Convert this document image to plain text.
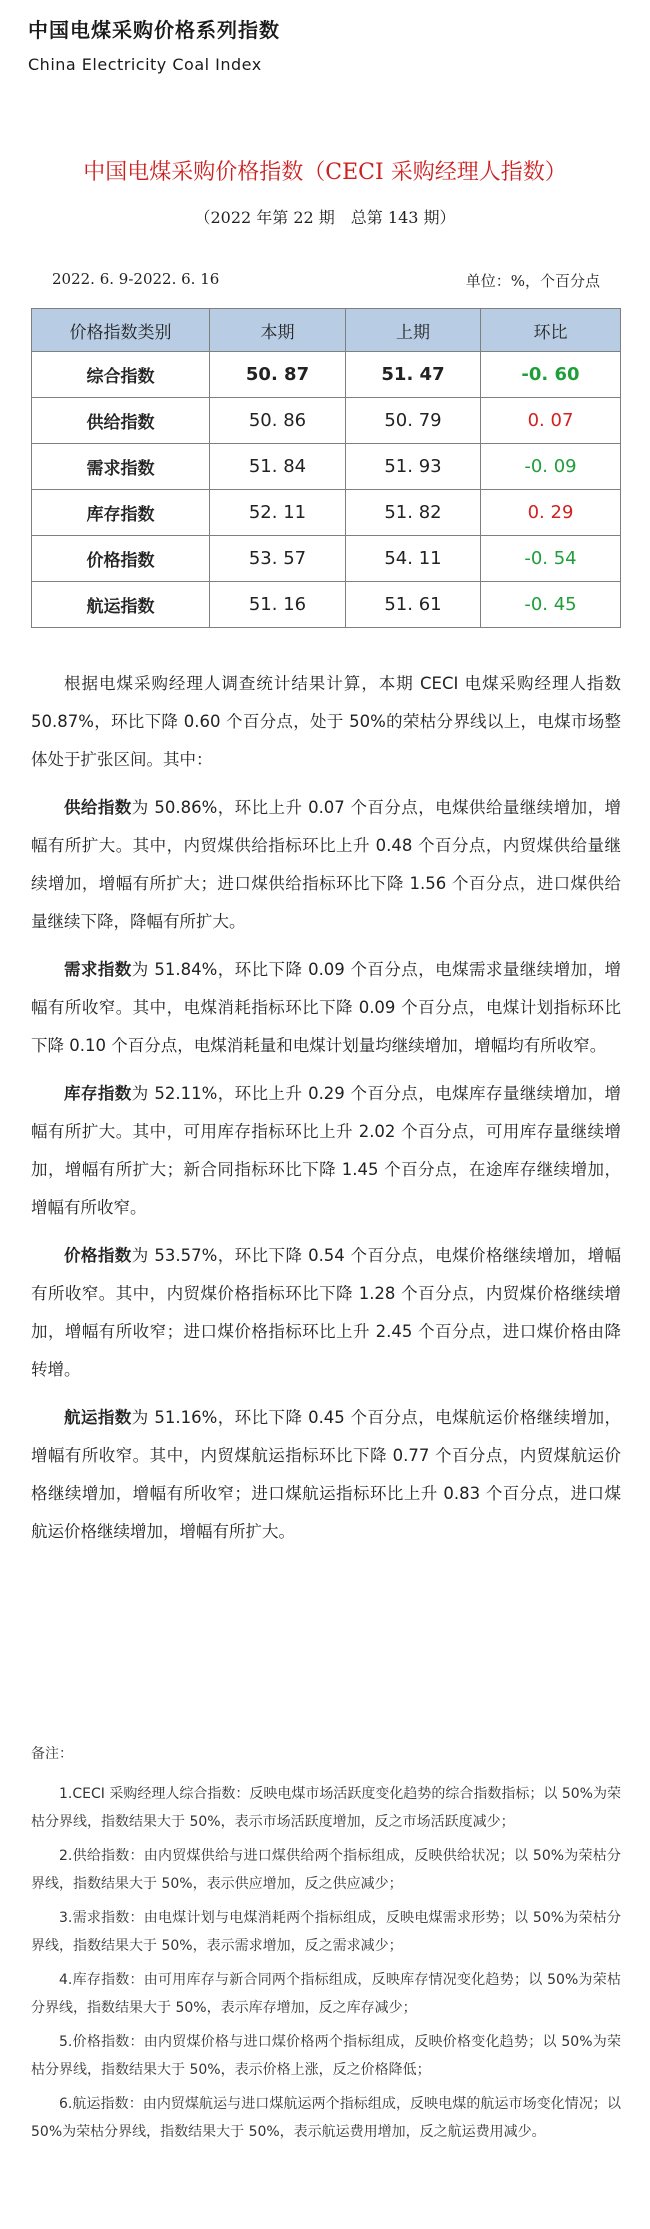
中国电煤采购价格系列指数
China Electricity Coal Index
中国电煤采购价格指数（CECI 采购经理人指数）
（2022 年第 22 期　总第 143 期）
2022. 6. 9-2022. 6. 16	单位：%，个百分点
价格指数类别	本期	上期	环比
综合指数	50. 87	51. 47	-0. 60
供给指数	50. 86	50. 79	0. 07
需求指数	51. 84	51. 93	-0. 09
库存指数	52. 11	51. 82	0. 29
价格指数	53. 57	54. 11	-0. 54
航运指数	51. 16	51. 61	-0. 45

根据电煤采购经理人调查统计结果计算，本期 CECI 电煤采购经理人指数 50.87%，环比下降 0.60 个百分点，处于 50%的荣枯分界线以上，电煤市场整体处于扩张区间。其中：

供给指数为 50.86%，环比上升 0.07 个百分点，电煤供给量继续增加，增幅有所扩大。其中，内贸煤供给指标环比上升 0.48 个百分点，内贸煤供给量继续增加，增幅有所扩大；进口煤供给指标环比下降 1.56 个百分点，进口煤供给量继续下降，降幅有所扩大。

需求指数为 51.84%，环比下降 0.09 个百分点，电煤需求量继续增加，增幅有所收窄。其中，电煤消耗指标环比下降 0.09 个百分点，电煤计划指标环比下降 0.10 个百分点，电煤消耗量和电煤计划量均继续增加，增幅均有所收窄。

库存指数为 52.11%，环比上升 0.29 个百分点，电煤库存量继续增加，增幅有所扩大。其中，可用库存指标环比上升 2.02 个百分点，可用库存量继续增加，增幅有所扩大；新合同指标环比下降 1.45 个百分点，在途库存继续增加，增幅有所收窄。

价格指数为 53.57%，环比下降 0.54 个百分点，电煤价格继续增加，增幅有所收窄。其中，内贸煤价格指标环比下降 1.28 个百分点，内贸煤价格继续增加，增幅有所收窄；进口煤价格指标环比上升 2.45 个百分点，进口煤价格由降转增。

航运指数为 51.16%，环比下降 0.45 个百分点，电煤航运价格继续增加，增幅有所收窄。其中，内贸煤航运指标环比下降 0.77 个百分点，内贸煤航运价格继续增加，增幅有所收窄；进口煤航运指标环比上升 0.83 个百分点，进口煤航运价格继续增加，增幅有所扩大。

备注：

1.CECI 采购经理人综合指数：反映电煤市场活跃度变化趋势的综合指数指标；以 50%为荣枯分界线，指数结果大于 50%，表示市场活跃度增加，反之市场活跃度减少；

2.供给指数：由内贸煤供给与进口煤供给两个指标组成，反映供给状况；以 50%为荣枯分界线，指数结果大于 50%，表示供应增加，反之供应减少；

3.需求指数：由电煤计划与电煤消耗两个指标组成，反映电煤需求形势；以 50%为荣枯分界线，指数结果大于 50%，表示需求增加，反之需求减少；

4.库存指数：由可用库存与新合同两个指标组成，反映库存情况变化趋势；以 50%为荣枯分界线，指数结果大于 50%，表示库存增加，反之库存减少；

5.价格指数：由内贸煤价格与进口煤价格两个指标组成，反映价格变化趋势；以 50%为荣枯分界线，指数结果大于 50%，表示价格上涨，反之价格降低；

6.航运指数：由内贸煤航运与进口煤航运两个指标组成，反映电煤的航运市场变化情况；以 50%为荣枯分界线，指数结果大于 50%，表示航运费用增加，反之航运费用减少。
